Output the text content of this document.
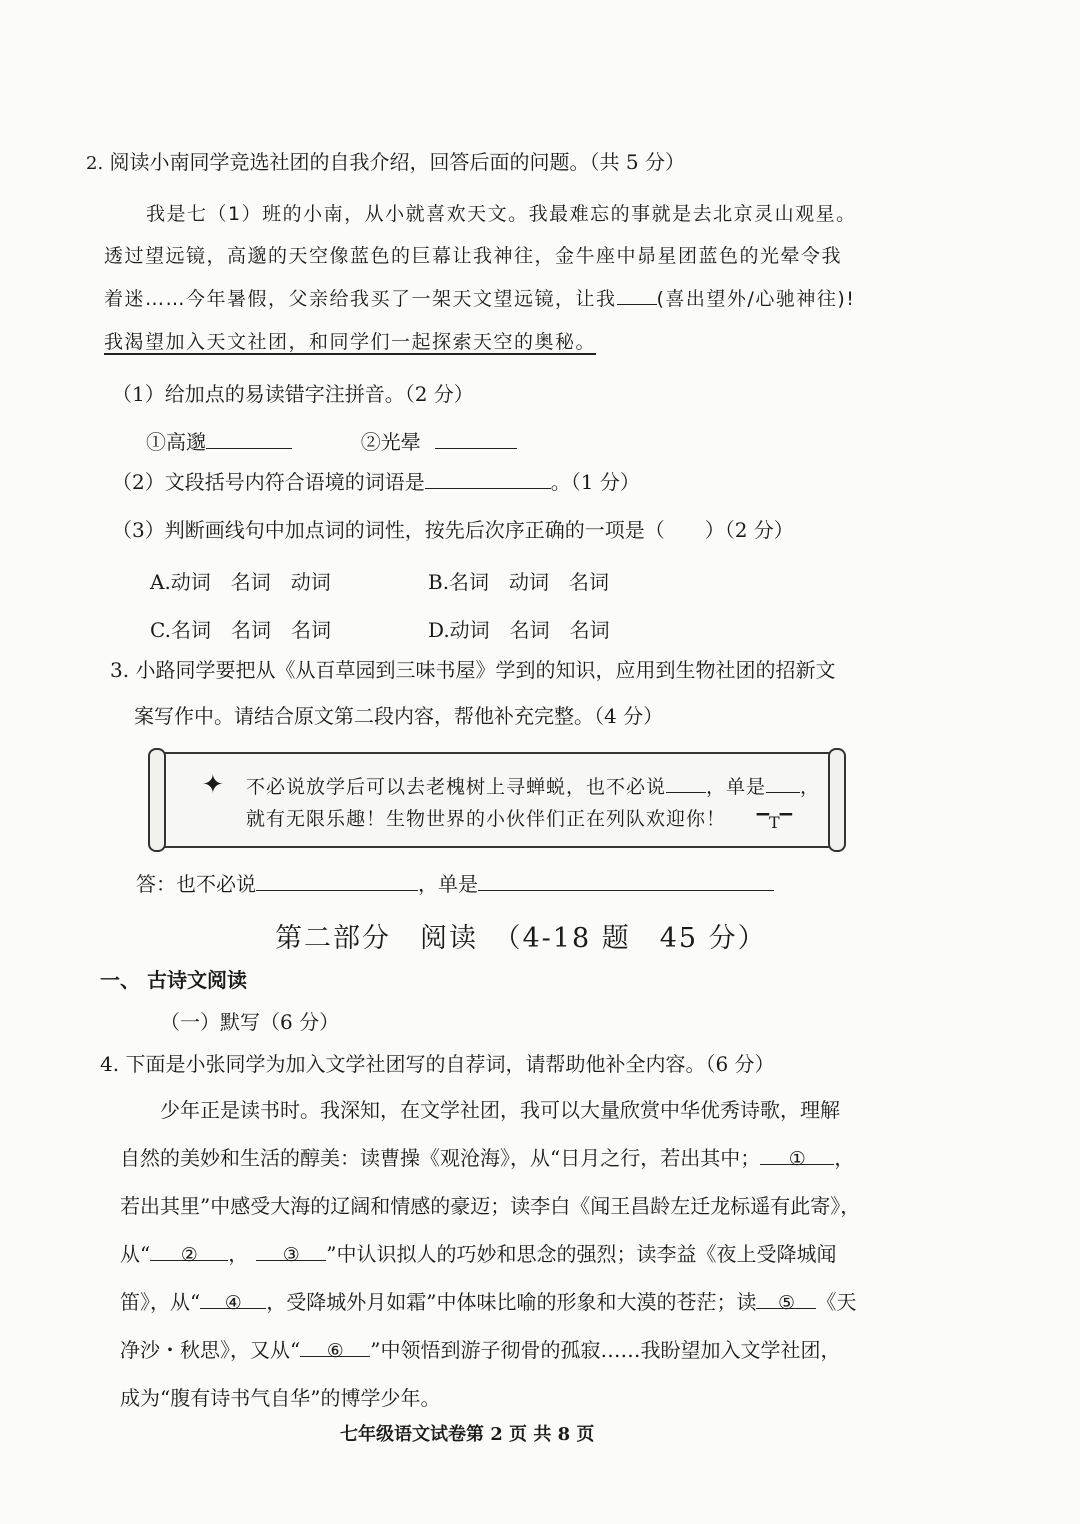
2. 阅读小南同学竞选社团的自我介绍，回答后面的问题。（共 5 分）
我是七（1）班的小南，从小就喜欢天文。我最难忘的事就是去北京灵山观星。
透过望远镜，高邈的天空像蓝色的巨幕让我神往，金牛座中昴星团蓝色的光晕令我
着迷……今年暑假，父亲给我买了一架天文望远镜，让我 (喜出望外/心驰神往)!
我渴望加入天文社团，和同学们一起探索天空的奥秘。
（1）给加点的易读错字注拼音。（2 分）
①高邈	②光晕
（2）文段括号内符合语境的词语是	。（1 分）
（3）判断画线句中加点词的词性，按先后次序正确的一项是（　　）（2 分）
A.动词　名词　动词	B.名词　动词　名词
C.名词　名词　名词	D.动词　名词　名词
3. 小路同学要把从《从百草园到三味书屋》学到的知识，应用到生物社团的招新文
案写作中。请结合原文第二段内容，帮他补充完整。（4 分）
✦ 不必说放学后可以去老槐树上寻蝉蜕，也不必说 ，单是 ，
就有无限乐趣！生物世界的小伙伴们正在列队欢迎你！ ▔T▔
答：也不必说	，单是
第二部分　阅读　（4-18 题　45 分）
一、 古诗文阅读
（一）默写（6 分）
4. 下面是小张同学为加入文学社团写的自荐词，请帮助他补全内容。（6 分）
少年正是读书时。我深知，在文学社团，我可以大量欣赏中华优秀诗歌，理解
自然的美妙和生活的醇美：读曹操《观沧海》，从“日月之行，若出其中； ① ，
若出其里”中感受大海的辽阔和情感的豪迈；读李白《闻王昌龄左迁龙标遥有此寄》，
从“ ② ， ③ ”中认识拟人的巧妙和思念的强烈；读李益《夜上受降城闻
笛》，从“ ④ ，受降城外月如霜”中体味比喻的形象和大漠的苍茫；读 ⑤ 《天
净沙・秋思》，又从“ ⑥ ”中领悟到游子彻骨的孤寂……我盼望加入文学社团，
成为“腹有诗书气自华”的博学少年。
七年级语文试卷第 2 页 共 8 页
